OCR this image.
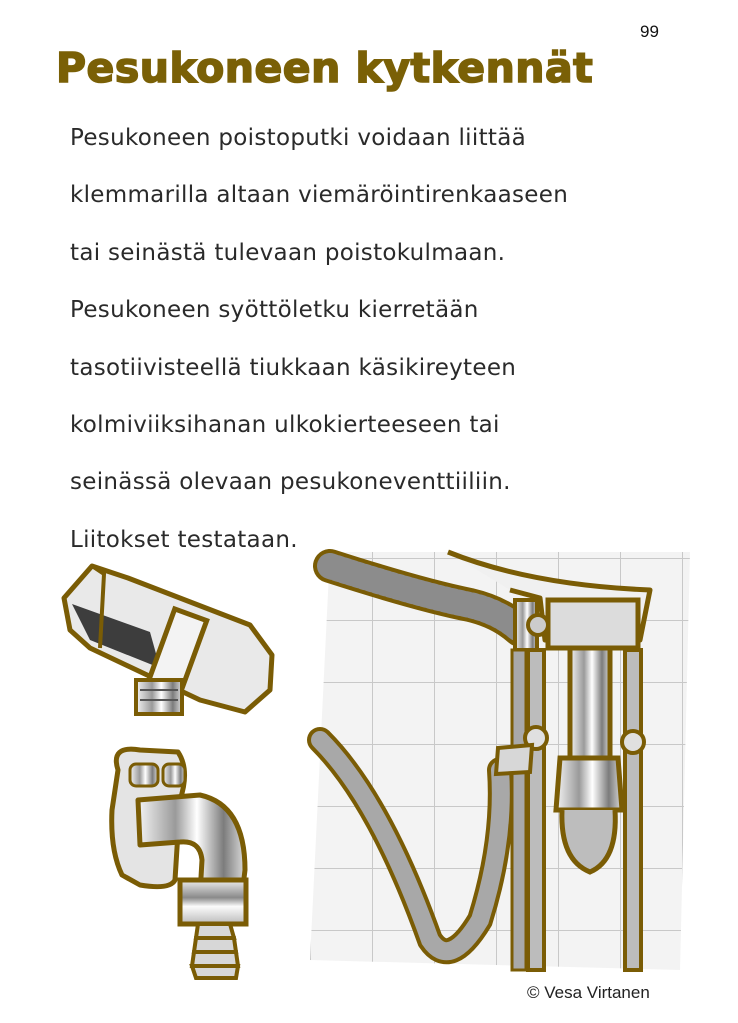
99
Pesukoneen kytkennät
Pesukoneen poistoputki voidaan liittää
klemmarilla altaan viemäröintirenkaaseen
tai seinästä tulevaan poistokulmaan.
Pesukoneen syöttöletku kierretään
tasotiivisteellä tiukkaan käsikireyteen
kolmiviiksihanan ulkokierteeseen tai
seinässä olevaan pesukoneventtiiliin.
Liitokset testataan.
© Vesa Virtanen
